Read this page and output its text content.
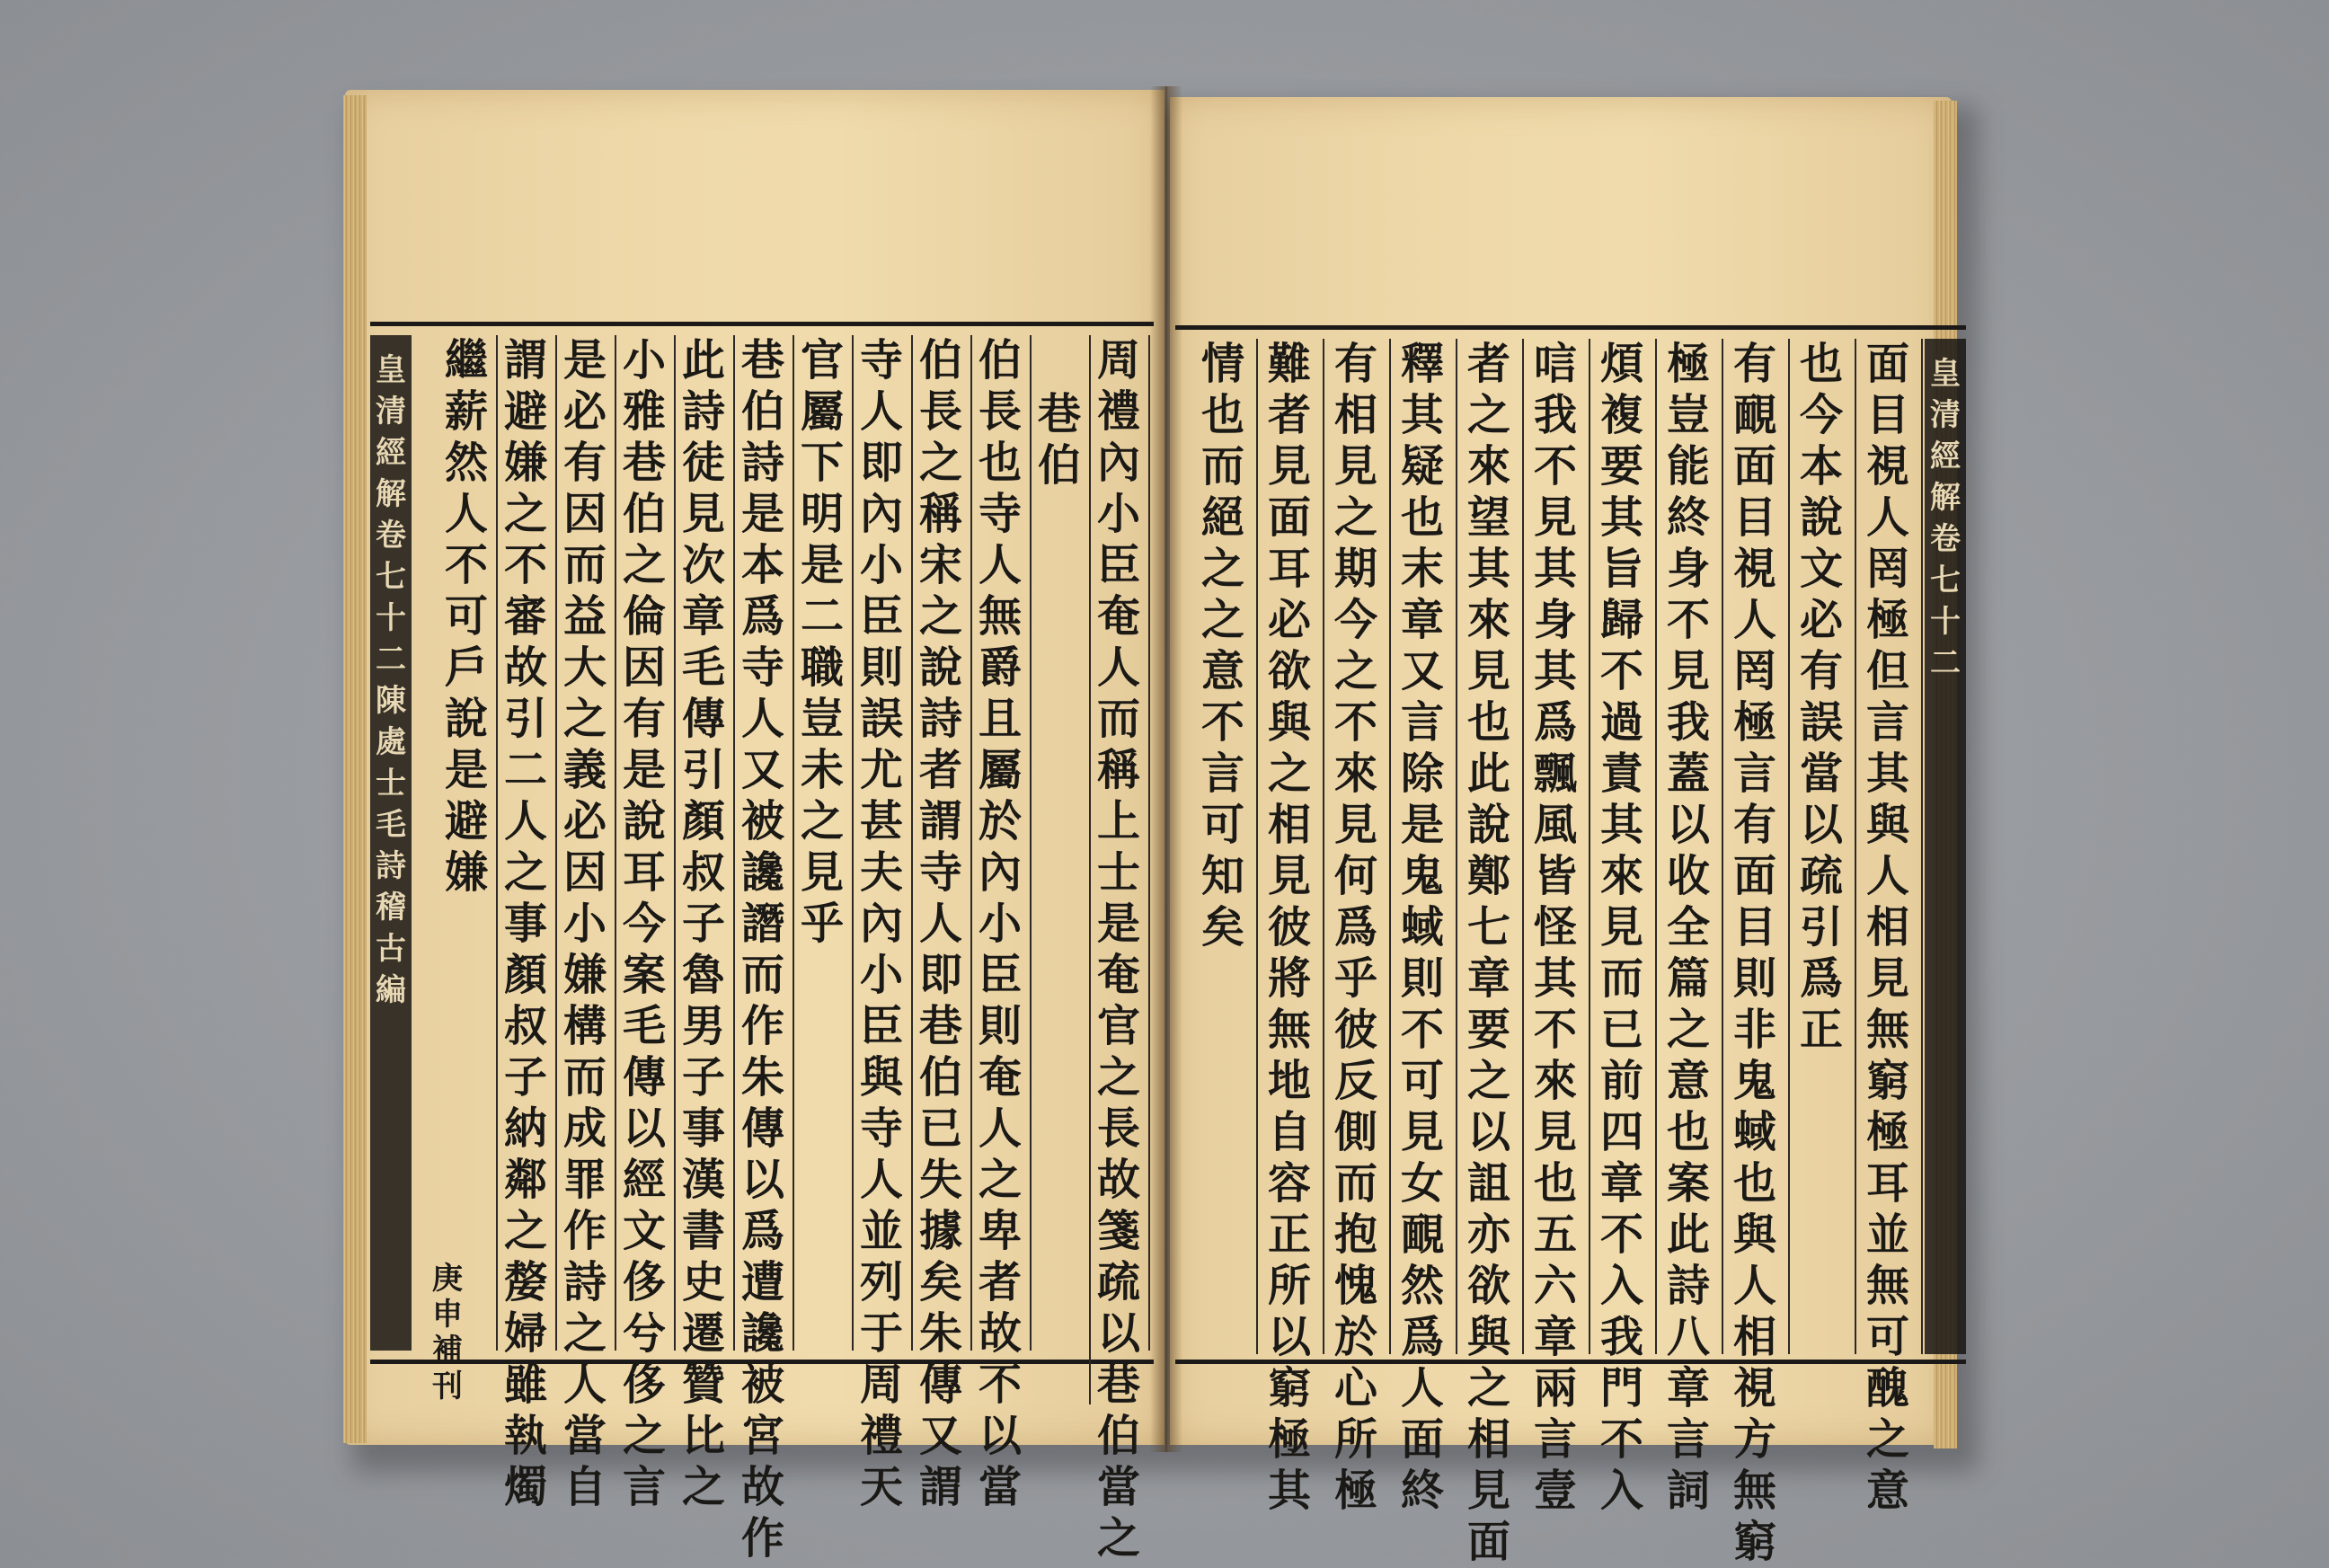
皇
清
經
解
卷
七
十
二
陳
處
士
毛
詩
稽
古
編
庚
申
補
刊
周
禮
內
小
臣
奄
人
而
稱
上
士
是
奄
官
之
長
故
箋
疏
以
巷
伯
當
之
巷
伯
伯
長
也
寺
人
無
爵
且
屬
於
內
小
臣
則
奄
人
之
卑
者
故
不
以
當
伯
長
之
稱
宋
之
說
詩
者
謂
寺
人
即
巷
伯
已
失
據
矣
朱
傳
又
謂
寺
人
即
內
小
臣
則
誤
尤
甚
夫
內
小
臣
與
寺
人
並
列
于
周
禮
天
官
屬
下
明
是
二
職
豈
未
之
見
乎
巷
伯
詩
是
本
爲
寺
人
又
被
讒
譖
而
作
朱
傳
以
爲
遭
讒
被
宮
故
作
此
詩
徒
見
次
章
毛
傳
引
顏
叔
子
魯
男
子
事
漢
書
史
遷
贊
比
之
小
雅
巷
伯
之
倫
因
有
是
說
耳
今
案
毛
傳
以
經
文
侈
兮
侈
之
言
是
必
有
因
而
益
大
之
義
必
因
小
嫌
構
而
成
罪
作
詩
之
人
當
自
謂
避
嫌
之
不
審
故
引
二
人
之
事
顏
叔
子
納
鄰
之
嫠
婦
雖
執
燭
繼
薪
然
人
不
可
戶
說
是
避
嫌
面
目
視
人
罔
極
但
言
其
與
人
相
見
無
窮
極
耳
並
無
可
醜
之
意
也
今
本
說
文
必
有
誤
當
以
疏
引
爲
正
有
靦
面
目
視
人
罔
極
言
有
面
目
則
非
鬼
蜮
也
與
人
相
視
方
無
窮
極
豈
能
終
身
不
見
我
蓋
以
收
全
篇
之
意
也
案
此
詩
八
章
言
詞
煩
複
要
其
旨
歸
不
過
責
其
來
見
而
已
前
四
章
不
入
我
門
不
入
唁
我
不
見
其
身
其
爲
飄
風
皆
怪
其
不
來
見
也
五
六
章
兩
言
壹
者
之
來
望
其
來
見
也
此
說
鄭
七
章
要
之
以
詛
亦
欲
與
之
相
見
面
釋
其
疑
也
末
章
又
言
除
是
鬼
蜮
則
不
可
見
女
靦
然
爲
人
面
終
有
相
見
之
期
今
之
不
來
見
何
爲
乎
彼
反
側
而
抱
愧
於
心
所
極
難
者
見
面
耳
必
欲
與
之
相
見
彼
將
無
地
自
容
正
所
以
窮
極
其
情
也
而
絕
之
之
意
不
言
可
知
矣
皇
清
經
解
卷
七
十
二
